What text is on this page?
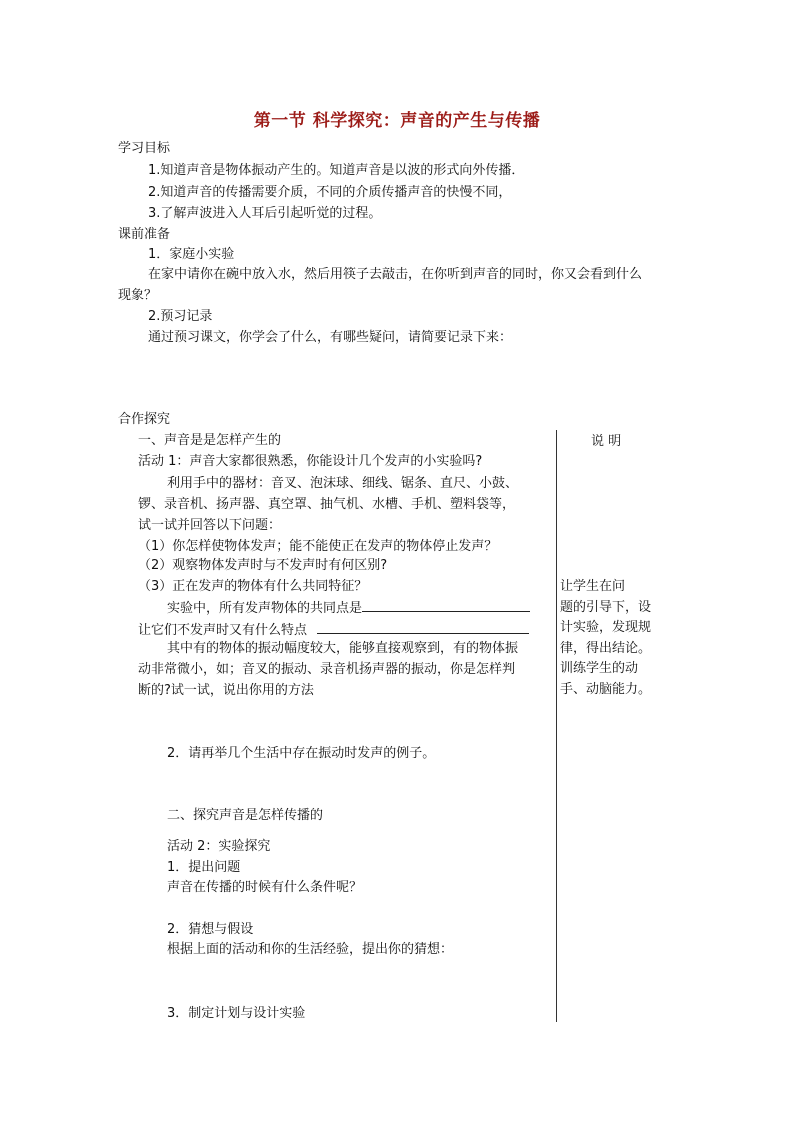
第一节 科学探究：声音的产生与传播
学习目标
1.知道声音是物体振动产生的。知道声音是以波的形式向外传播．
2.知道声音的传播需要介质，不同的介质传播声音的快慢不同，
3.了解声波进入人耳后引起听觉的过程。
课前准备
1．家庭小实验
在家中请你在碗中放入水，然后用筷子去敲击，在你听到声音的同时，你又会看到什么
现象？
2.预习记录
通过预习课文，你学会了什么，有哪些疑问，请简要记录下来：
合作探究
说 明
一、声音是是怎样产生的
活动 1：声音大家都很熟悉，你能设计几个发声的小实验吗?
利用手中的器材：音叉、泡沫球、细线、锯条、直尺、小鼓、
锣、录音机、扬声器、真空罩、抽气机、水槽、手机、塑料袋等，
试一试并回答以下问题：
（1）你怎样使物体发声；能不能使正在发声的物体停止发声？
（2）观察物体发声时与不发声时有何区别?
（3）正在发声的物体有什么共同特征？
实验中，所有发声物体的共同点是
让它们不发声时又有什么特点
其中有的物体的振动幅度较大，能够直接观察到，有的物体振
动非常微小，如；音叉的振动、录音机扬声器的振动，你是怎样判
断的?试一试，说出你用的方法
2．请再举几个生活中存在振动时发声的例子。
二、探究声音是怎样传播的
活动 2：实验探究
1．提出问题
声音在传播的时候有什么条件呢？
2．猜想与假设
根据上面的活动和你的生活经验，提出你的猜想：
3．制定计划与设计实验

让学生在问

题的引导下，设

计实验，发现规

律，得出结论。

训练学生的动

手、动脑能力。
